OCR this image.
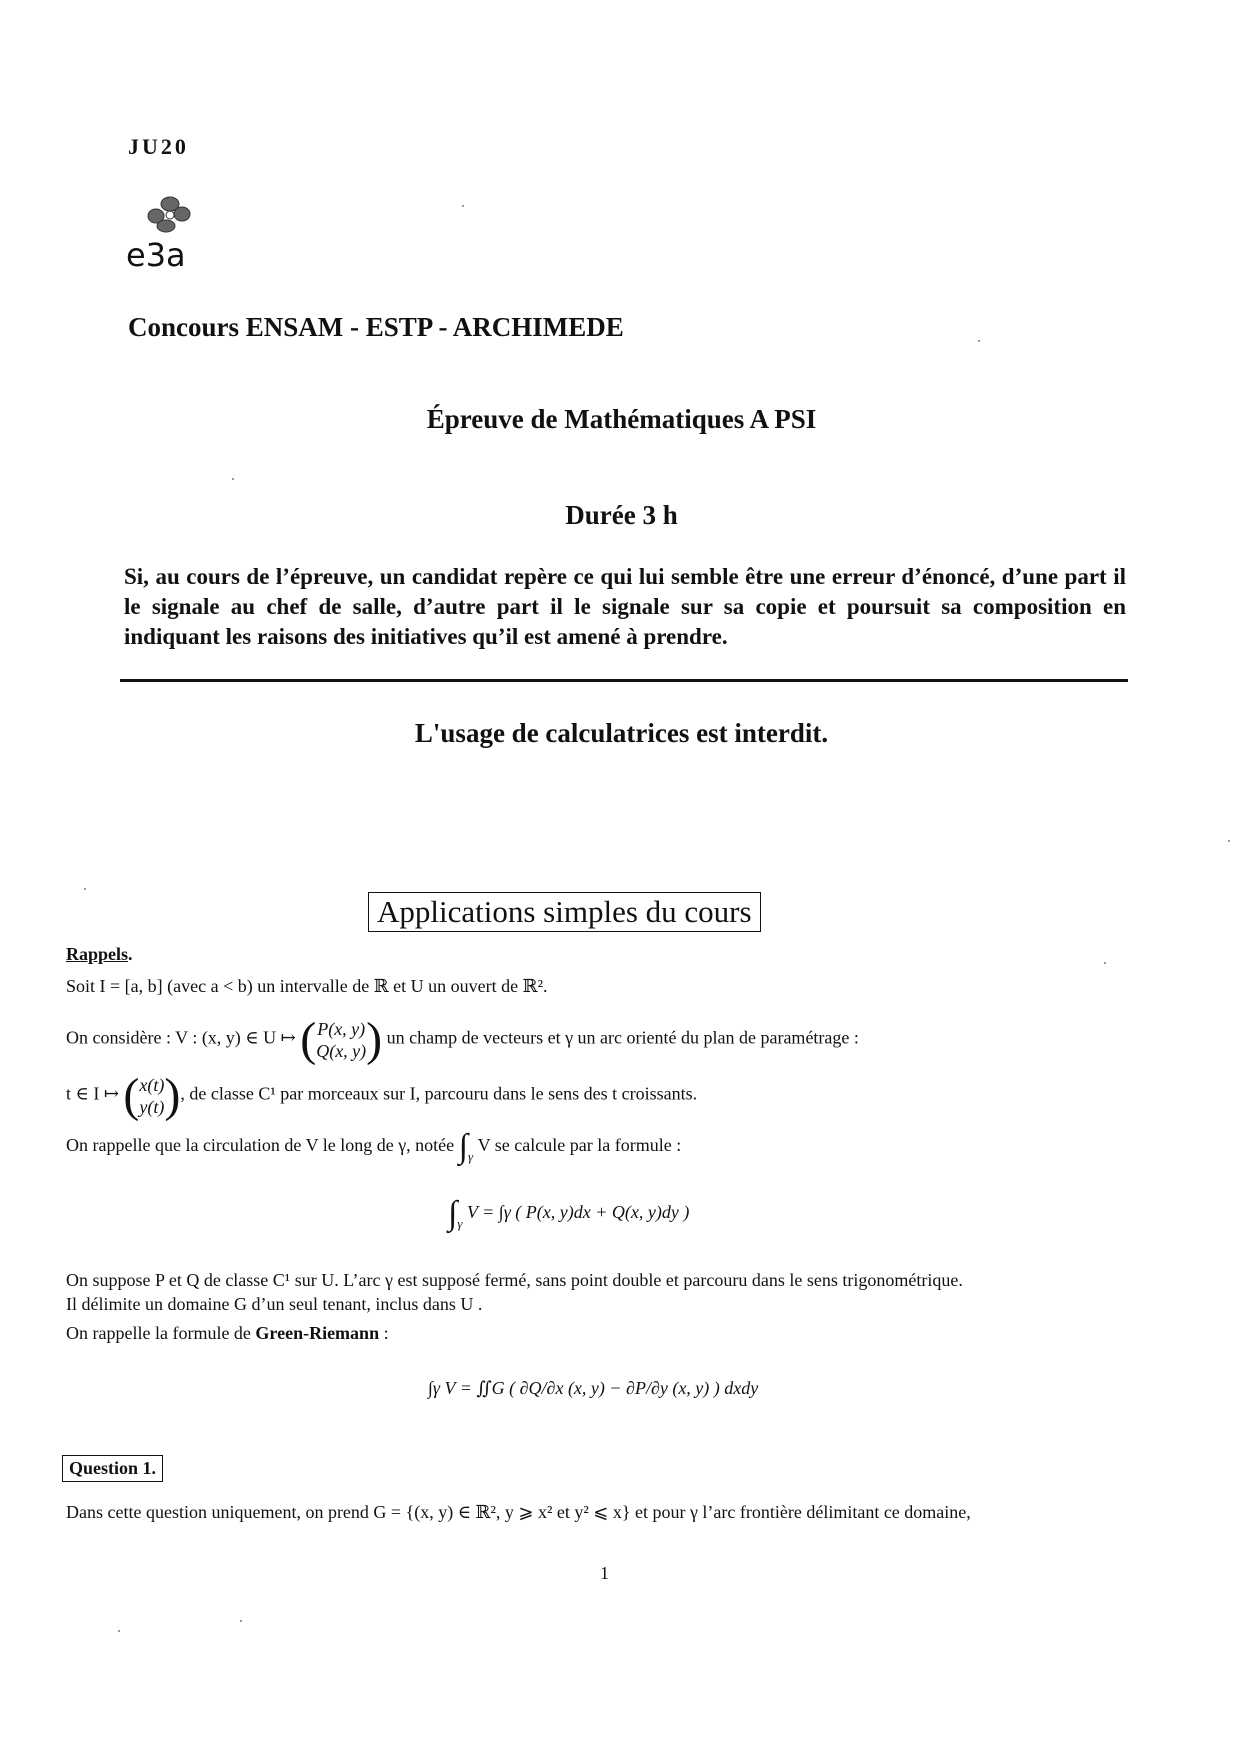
JU20
e3a
Concours ENSAM - ESTP - ARCHIMEDE
Épreuve de Mathématiques A PSI
Durée 3 h
Si, au cours de l’épreuve, un candidat repère ce qui lui semble être une erreur d’énoncé, d’une part il le signale au chef de salle, d’autre part il le signale sur sa copie et poursuit sa composition en indiquant les raisons des initiatives qu’il est amené à prendre.
L'usage de calculatrices est interdit.
Applications simples du cours
Rappels.
Soit I = [a, b] (avec a < b) un intervalle de ℝ et U un ouvert de ℝ².
On considère : V : (x, y) ∈ U ↦ (P(x, y)
Q(x, y)) un champ de vecteurs et γ un arc orienté du plan de paramétrage :
t ∈ I ↦ (x(t)
y(t)), de classe C¹ par morceaux sur I, parcouru dans le sens des t croissants.
On rappelle que la circulation de V le long de γ, notée $\int_\gamma$ V se calcule par la formule :
$\int_\gamma$ V = ∫γ ( P(x, y)dx + Q(x, y)dy )
On suppose P et Q de classe C¹ sur U. L’arc γ est supposé fermé, sans point double et parcouru dans le sens trigonométrique.
Il délimite un domaine G d’un seul tenant, inclus dans U .
On rappelle la formule de Green-Riemann :
∫γ V = ∬G ( ∂Q/∂x (x, y) − ∂P/∂y (x, y) ) dxdy
Question 1.
Dans cette question uniquement, on prend G = {(x, y) ∈ ℝ², y ⩾ x² et y² ⩽ x} et pour γ l’arc frontière délimitant ce domaine,
1
